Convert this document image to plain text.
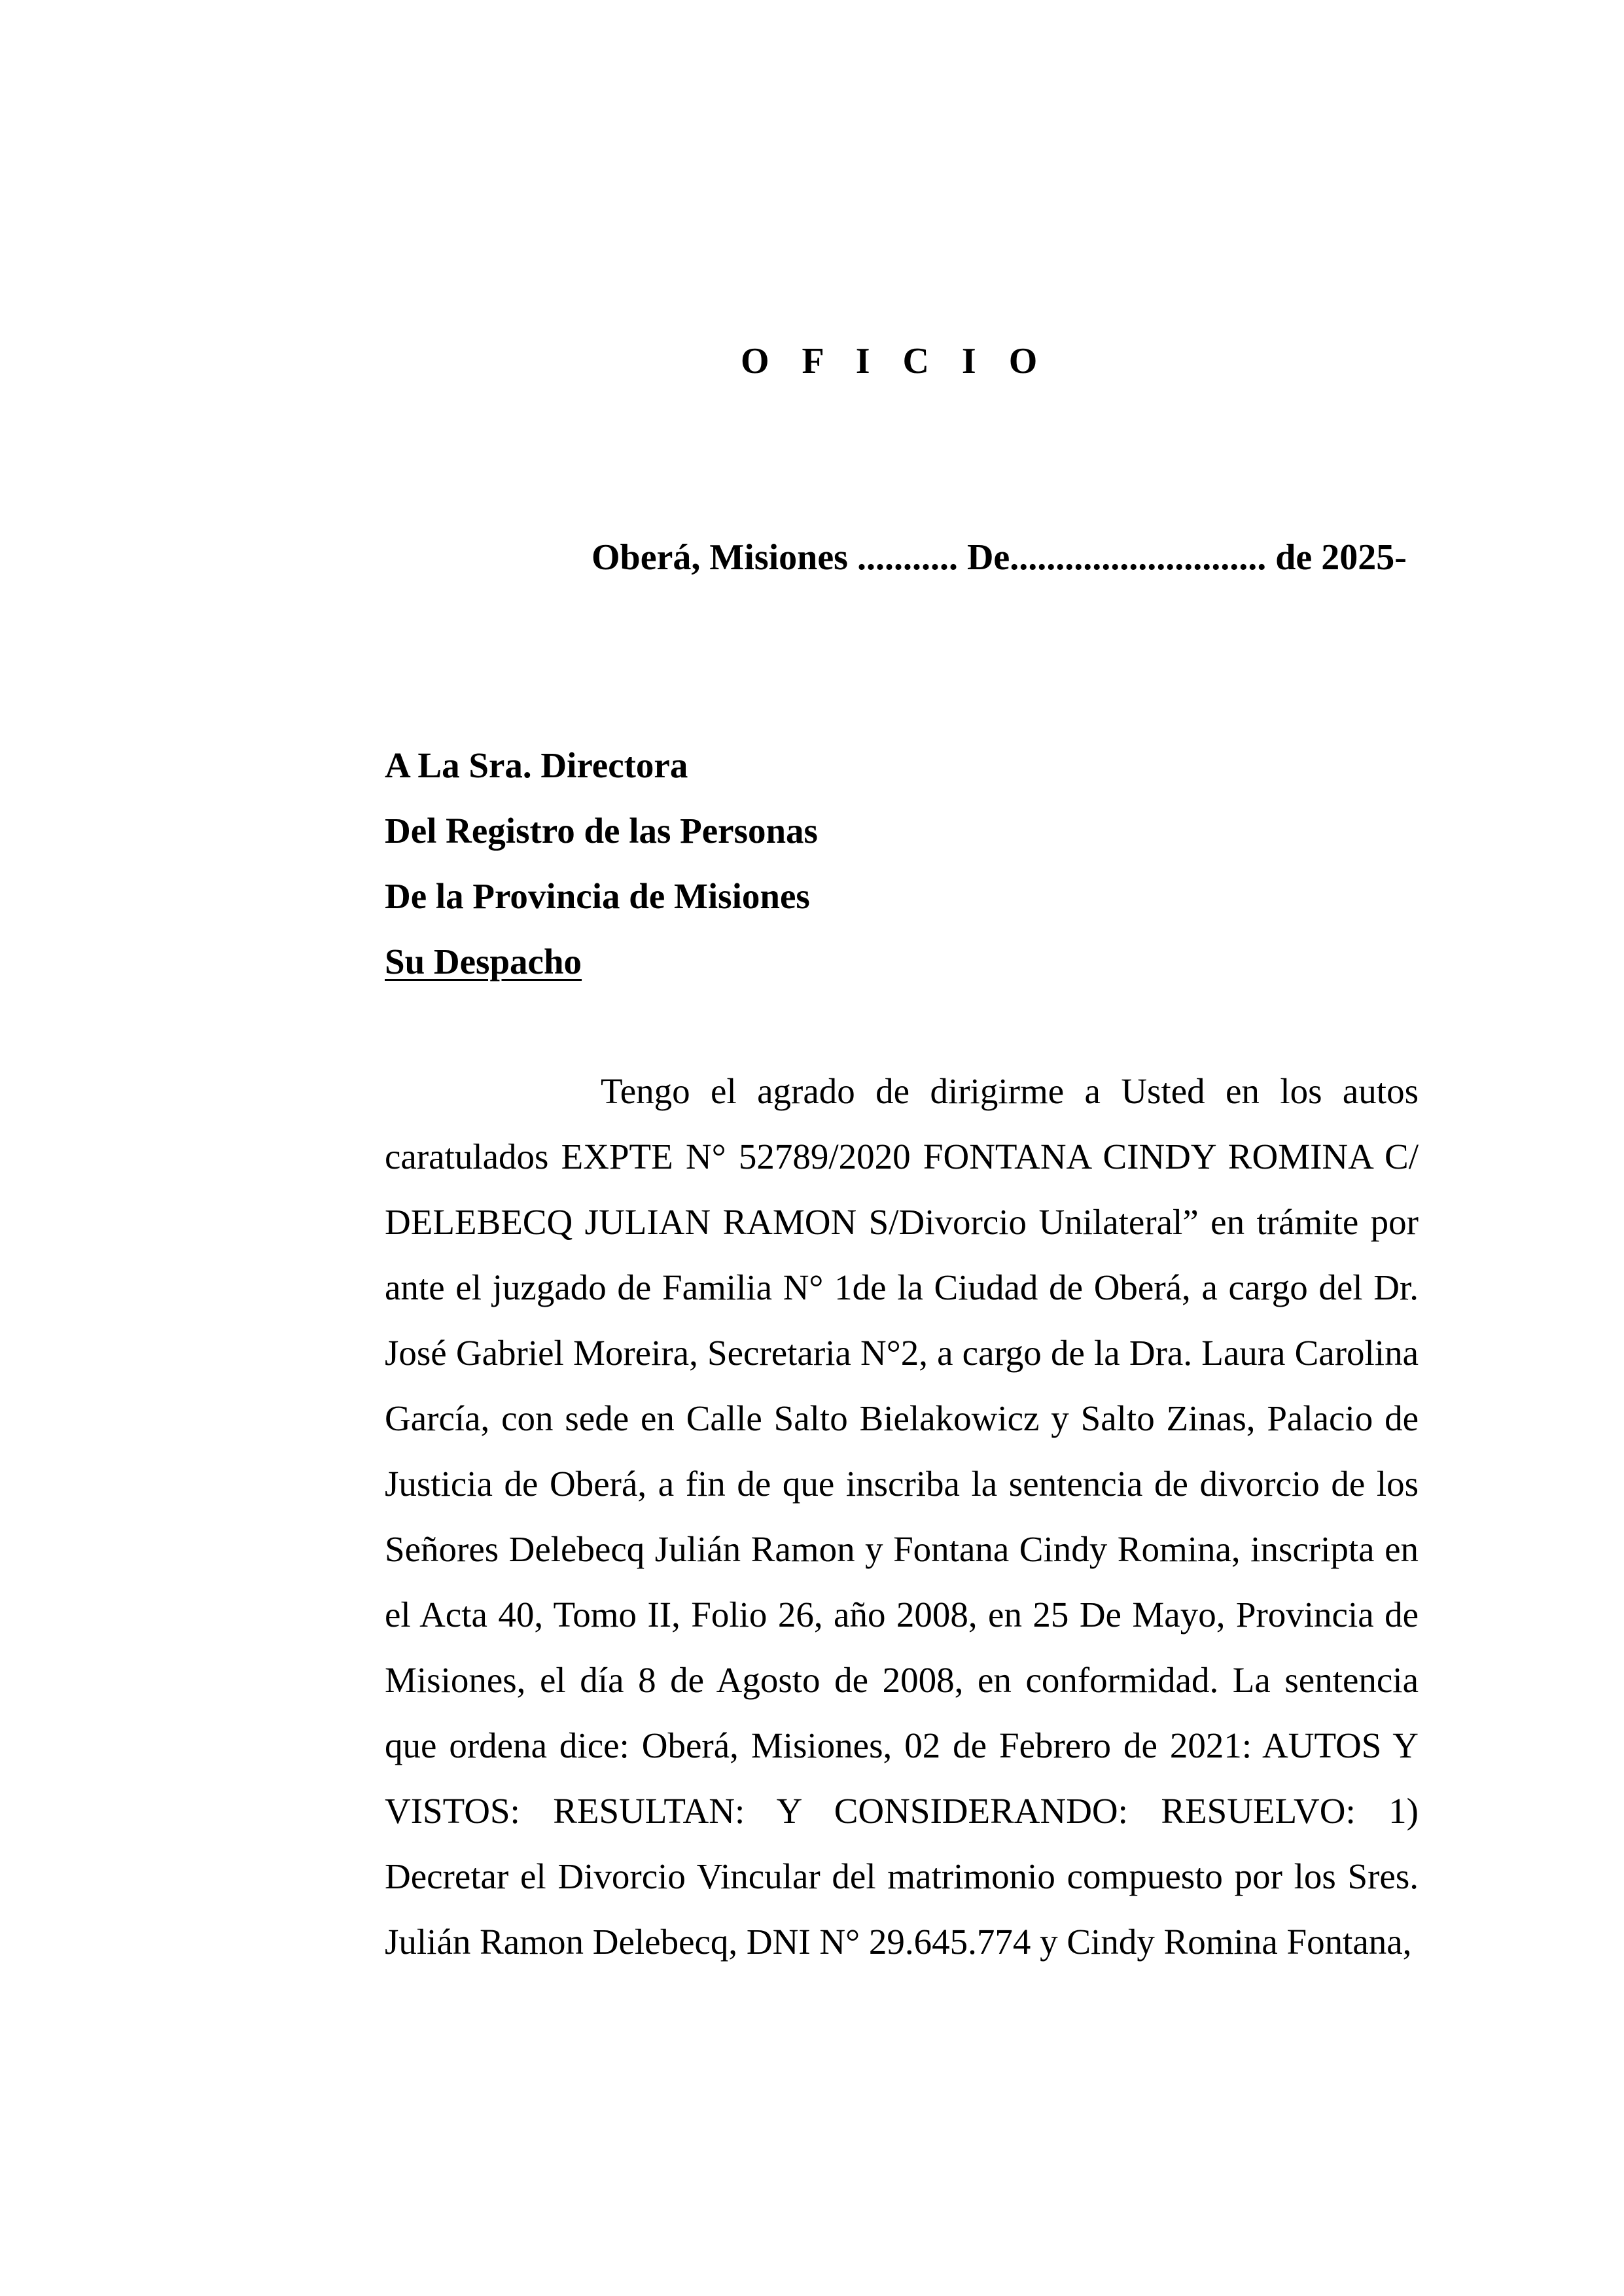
O F I C I O
Oberá, Misiones ........... De............................ de 2025-
A La Sra. Directora
Del Registro de las Personas
De la Provincia de Misiones
Su Despacho

Tengo el agrado de dirigirme a Usted en los autos caratulados EXPTE N° 52789/2020 FONTANA CINDY ROMINA C/ DELEBECQ JULIAN RAMON S/Divorcio Unilateral” en trámite por ante el juzgado de Familia N° 1de la Ciudad de Oberá, a cargo del Dr. José Gabriel Moreira, Secretaria N°2, a cargo de la Dra. Laura Carolina García, con sede en Calle Salto Bielakowicz y Salto Zinas, Palacio de Justicia de Oberá, a fin de que inscriba la sentencia de divorcio de los Señores Delebecq Julián Ramon y Fontana Cindy Romina, inscripta en el Acta 40, Tomo II, Folio 26, año 2008, en 25 De Mayo, Provincia de Misiones, el día 8 de Agosto de 2008, en conformidad. La sentencia que ordena dice: Oberá, Misiones, 02 de Febrero de 2021: AUTOS Y VISTOS: RESULTAN: Y CONSIDERANDO: RESUELVO: 1) Decretar el Divorcio Vincular del matrimonio compuesto por los Sres. Julián Ramon Delebecq, DNI N° 29.645.774 y Cindy Romina Fontana,
